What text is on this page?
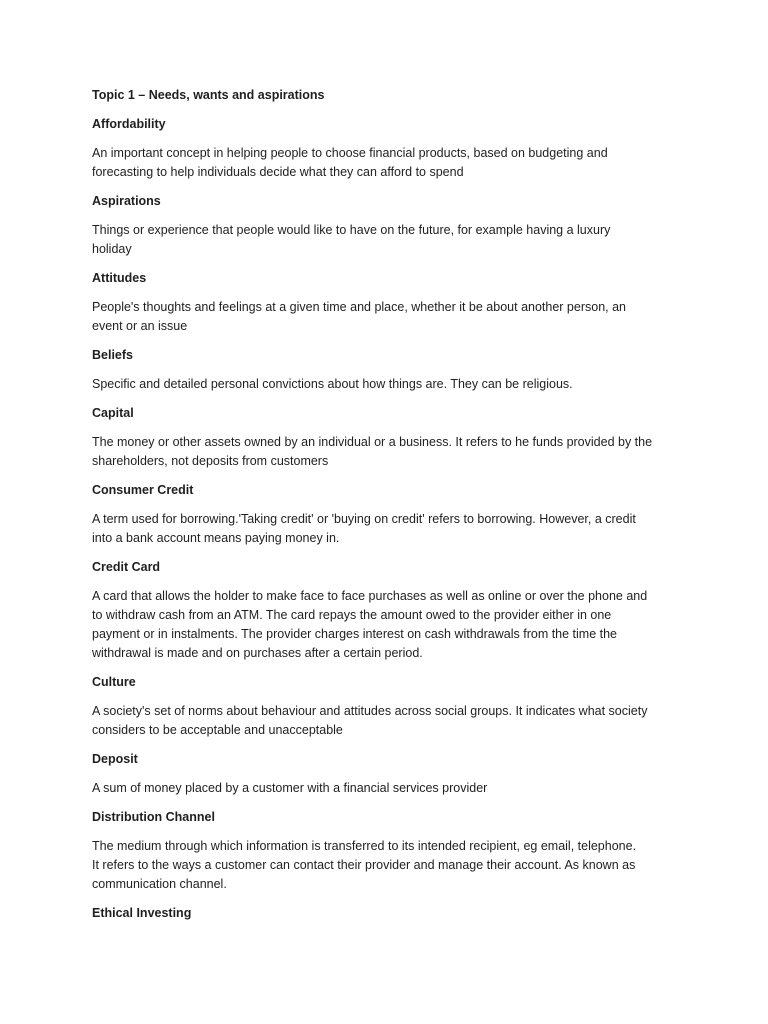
Topic 1 – Needs, wants and aspirations
Affordability
An important concept in helping people to choose financial products, based on budgeting and
forecasting to help individuals decide what they can afford to spend
Aspirations
Things or experience that people would like to have on the future, for example having a luxury
holiday
Attitudes
People's thoughts and feelings at a given time and place, whether it be about another person, an
event or an issue
Beliefs
Specific and detailed personal convictions about how things are. They can be religious.
Capital
The money or other assets owned by an individual or a business. It refers to he funds provided by the
shareholders, not deposits from customers
Consumer Credit
A term used for borrowing.'Taking credit' or 'buying on credit' refers to borrowing. However, a credit
into a bank account means paying money in.
Credit Card
A card that allows the holder to make face to face purchases as well as online or over the phone and
to withdraw cash from an ATM. The card repays the amount owed to the provider either in one
payment or in instalments. The provider charges interest on cash withdrawals from the time the
withdrawal is made and on purchases after a certain period.
Culture
A society's set of norms about behaviour and attitudes across social groups. It indicates what society
considers to be acceptable and unacceptable
Deposit
A sum of money placed by a customer with a financial services provider
Distribution Channel
The medium through which information is transferred to its intended recipient, eg email, telephone.
It refers to the ways a customer can contact their provider and manage their account. As known as
communication channel.
Ethical Investing
